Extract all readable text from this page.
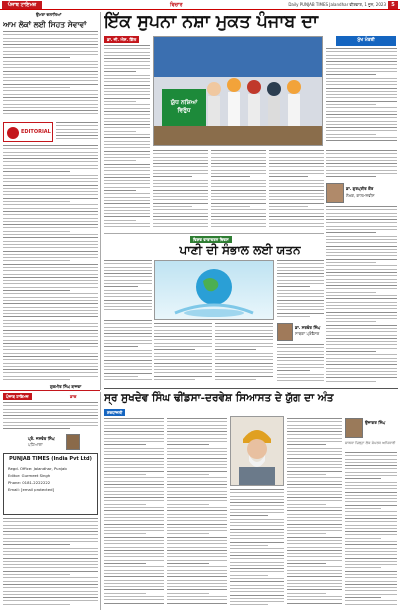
ਪੰਜਾਬ ਟਾਇਮਜ਼	ਵਿਚਾਰ	Daily PUNJAB TIMES Jalandhar ਵੀਰਵਾਰ, 1 ਜੂਨ, 2023	5
ਉਮਰਾ ਦਲਾਲਿਆਂ
ਆਮ ਲੋਕਾਂ ਲਈ ਸਿਹਤ ਸੇਵਾਵਾਂ
EDITORIAL
ਗੁਰਮੀਤ ਸਿੰਘ ਬਾਜਵਾ
ਇੱਕ ਸੁਪਨਾ ਨਸ਼ਾ ਮੁਕਤ ਪੰਜਾਬ ਦਾ
ਡਾ. ਜੀ. ਐਸ. ਗਿੱਲ
ਯੁੱਧ ਨਸ਼ਿਆਂ ਵਿਰੁੱਧ
ਮੁੱਖ ਮੰਤਰੀ
ਡਾ. ਗੁਰਪ੍ਰੀਤ ਕੌਰ
ਲੇਖਕ, ਕਾਲਮਨਵੀਸ
ਵਿਸ਼ਵ ਵਾਤਾਵਰਨ ਦਿਵਸ
ਪਾਣੀ ਦੀ ਸੰਭਾਲ ਲਈ ਯਤਨ
ਡਾ. ਸਤਵੰਤ ਸਿੰਘ
ਸਾਬਕਾ ਪ੍ਰੋਫੈਸਰ
ਪੰਜਾਬ ਟਾਇਮਜ਼	ਡਾਕ
ਪ੍ਰੋ. ਜਸਵੰਤ ਸਿੰਘ
ਪਟਿਆਲਾ
PUNJAB TIMES (India Pvt Ltd)
Regd. Office: Jalandhar, Punjab
Editor: Gurmeet Singh
Phone: 0181-2222222
Email: [email protected]
ਸ੍ਰ ਸੁਖਦੇਵ ਸਿੰਘ ਢੀਂਡਸਾ-ਦਰਵੇਸ਼ ਸਿਆਸਤ ਦੇ ਯੁੱਗ ਦਾ ਅੰਤ
ਸ਼ਰਧਾਂਜਲੀ
ਉਜਾਗਰ ਸਿੰਘ
ਸਾਬਕਾ ਜ਼ਿਲ੍ਹਾ ਲੋਕ ਸੰਪਰਕ ਅਧਿਕਾਰੀ
